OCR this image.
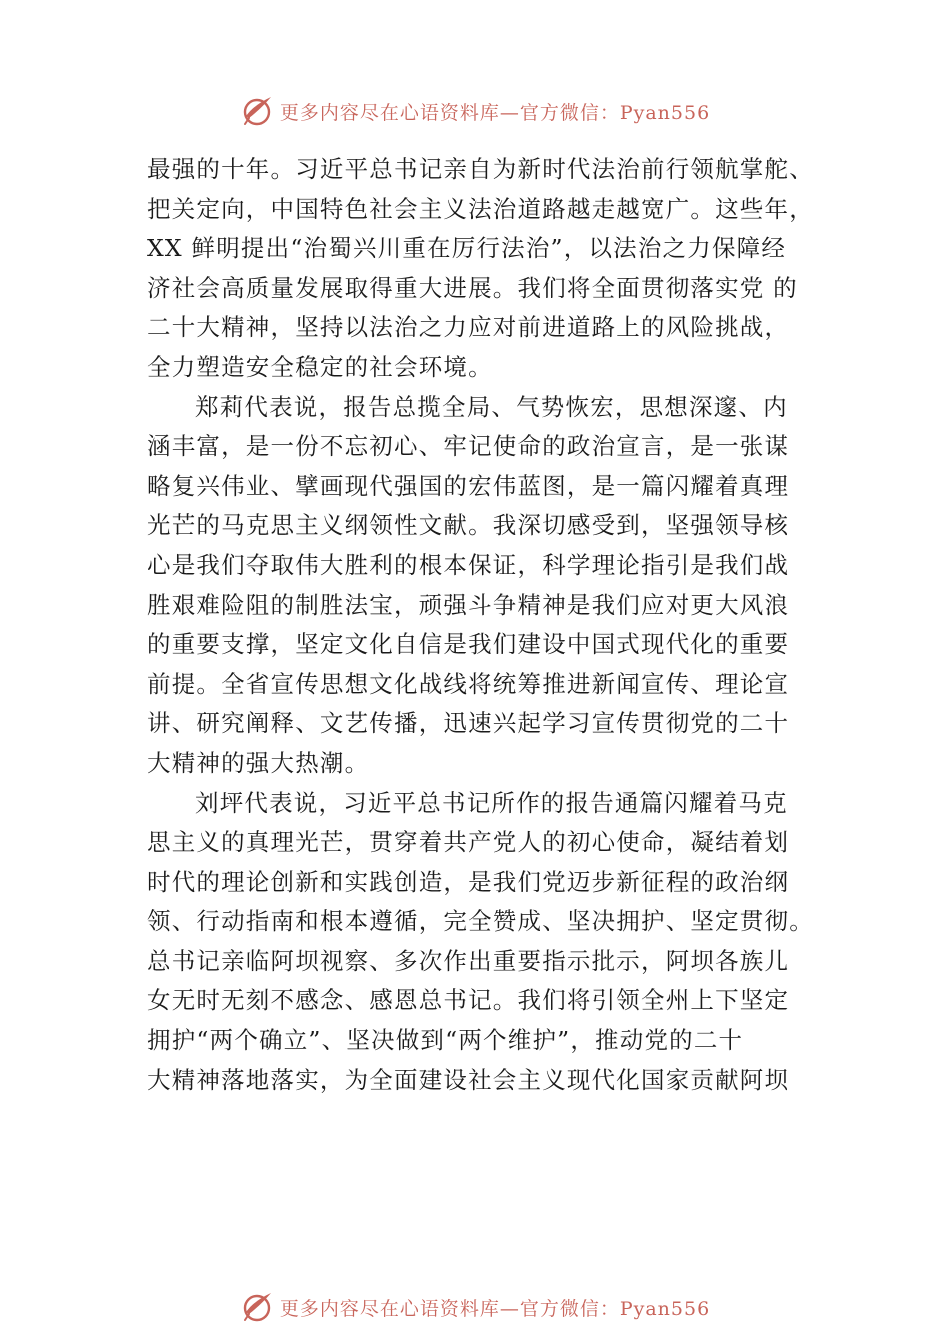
更多内容尽在心语资料库—官方微信：Pyan556
最强的十年。习近平总书记亲自为新时代法治前行领航掌舵、
把关定向，中国特色社会主义法治道路越走越宽广。这些年，
XX 鲜明提出“治蜀兴川重在厉行法治”，以法治之力保障经
济社会高质量发展取得重大进展。我们将全面贯彻落实党 的
二十大精神，坚持以法治之力应对前进道路上的风险挑战，
全力塑造安全稳定的社会环境。
郑莉代表说，报告总揽全局、气势恢宏，思想深邃、内
涵丰富，是一份不忘初心、牢记使命的政治宣言，是一张谋
略复兴伟业、擘画现代强国的宏伟蓝图，是一篇闪耀着真理
光芒的马克思主义纲领性文献。我深切感受到，坚强领导核
心是我们夺取伟大胜利的根本保证，科学理论指引是我们战
胜艰难险阻的制胜法宝，顽强斗争精神是我们应对更大风浪
的重要支撑，坚定文化自信是我们建设中国式现代化的重要
前提。全省宣传思想文化战线将统筹推进新闻宣传、理论宣
讲、研究阐释、文艺传播，迅速兴起学习宣传贯彻党的二十
大精神的强大热潮。
刘坪代表说，习近平总书记所作的报告通篇闪耀着马克
思主义的真理光芒，贯穿着共产党人的初心使命，凝结着划
时代的理论创新和实践创造，是我们党迈步新征程的政治纲
领、行动指南和根本遵循，完全赞成、坚决拥护、坚定贯彻。
总书记亲临阿坝视察、多次作出重要指示批示，阿坝各族儿
女无时无刻不感念、感恩总书记。我们将引领全州上下坚定
拥护“两个确立”、坚决做到“两个维护”，推动党的二十
大精神落地落实，为全面建设社会主义现代化国家贡献阿坝
更多内容尽在心语资料库—官方微信：Pyan556
